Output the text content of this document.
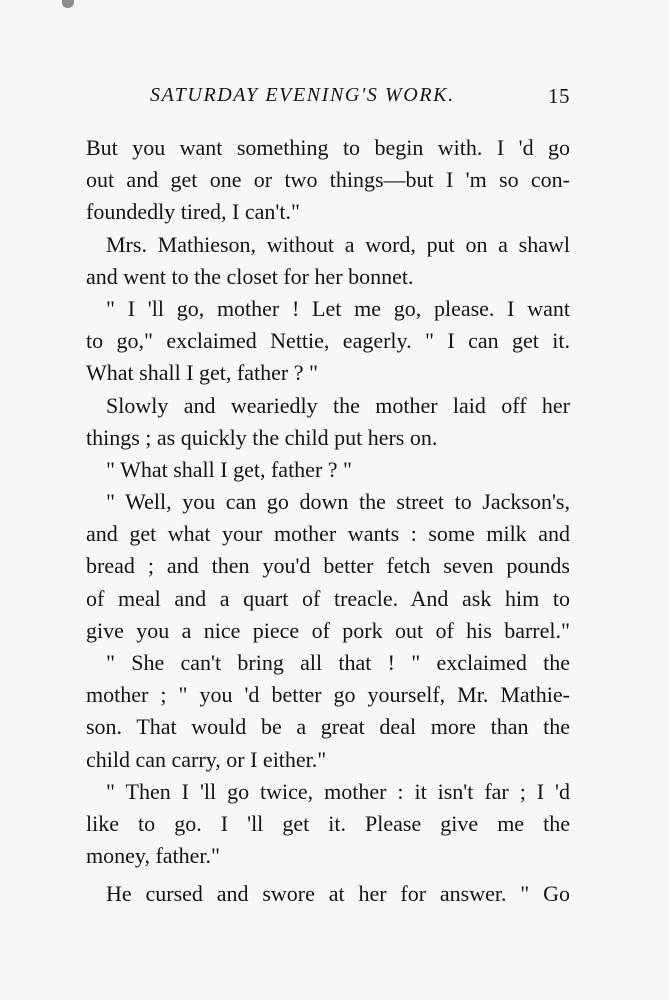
SATURDAY EVENING'S WORK.	15
But you want something to begin with. I 'd go
out and get one or two things—but I 'm so con-
foundedly tired, I can't."
Mrs. Mathieson, without a word, put on a shawl
and went to the closet for her bonnet.
" I 'll go, mother ! Let me go, please. I want
to go," exclaimed Nettie, eagerly. " I can get it.
What shall I get, father ? "
Slowly and weariedly the mother laid off her
things ; as quickly the child put hers on.
" What shall I get, father ? "
" Well, you can go down the street to Jackson's,
and get what your mother wants : some milk and
bread ; and then you'd better fetch seven pounds
of meal and a quart of treacle. And ask him to
give you a nice piece of pork out of his barrel."
" She can't bring all that ! " exclaimed the
mother ; " you 'd better go yourself, Mr. Mathie-
son. That would be a great deal more than the
child can carry, or I either."
" Then I 'll go twice, mother : it isn't far ; I 'd
like to go. I 'll get it. Please give me the
money, father."
He cursed and swore at her for answer. " Go
